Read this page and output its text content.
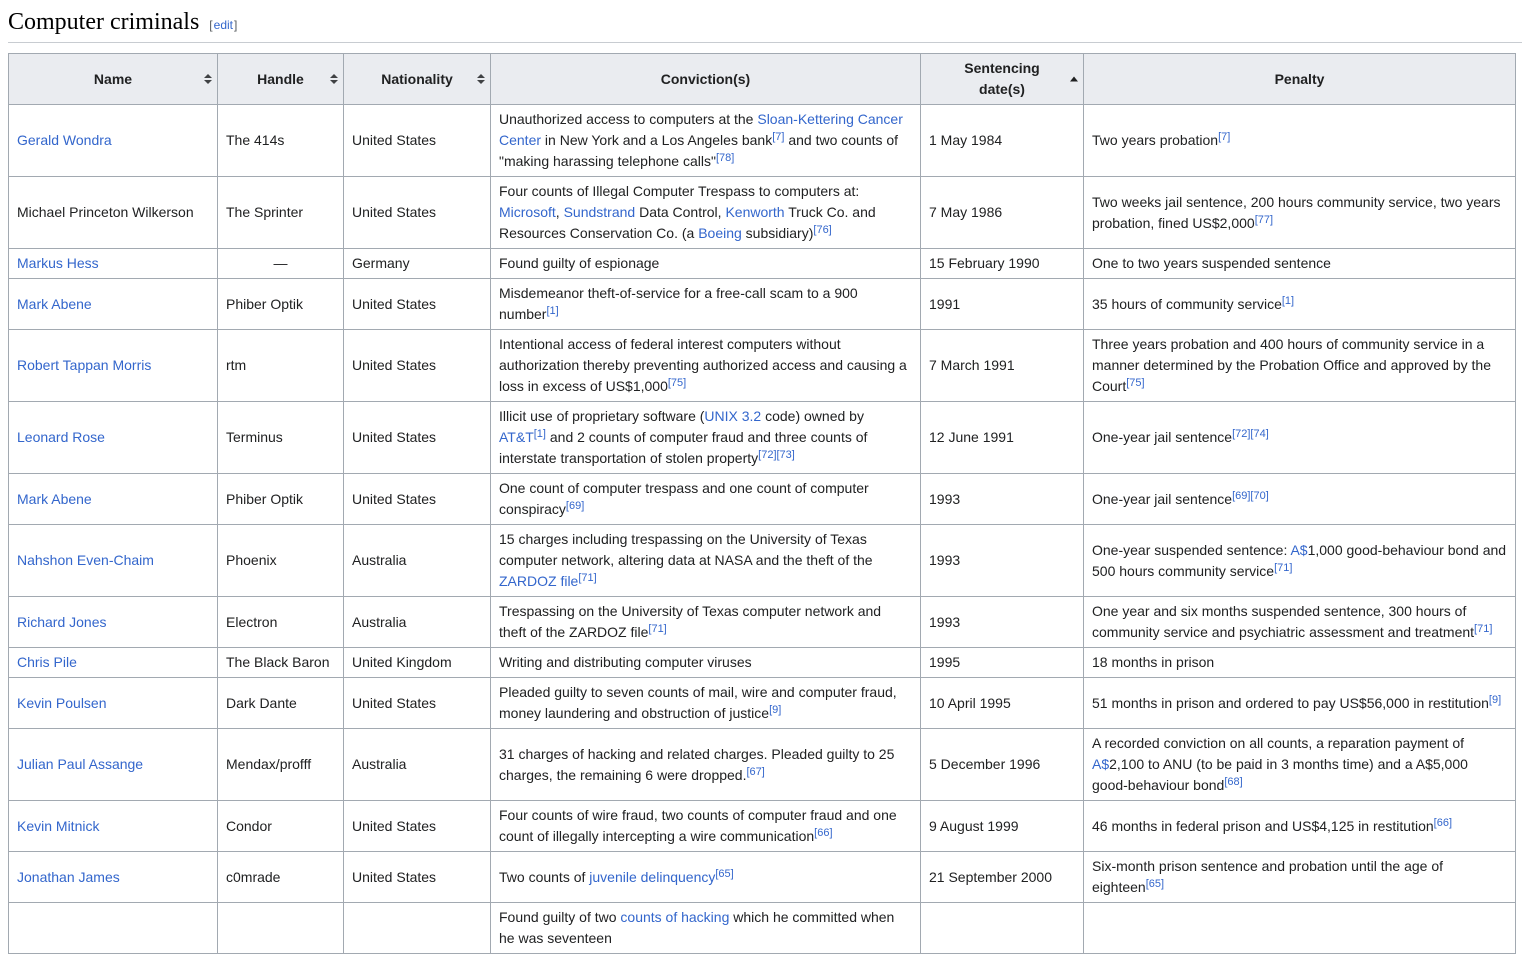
Computer criminals [edit]
Name	Handle	Nationality	Conviction(s)	Sentencing date(s)	Penalty
Gerald Wondra	The 414s	United States	Unauthorized access to computers at the Sloan-Kettering Cancer Center in New York and a Los Angeles bank[7] and two counts of "making harassing telephone calls"[78]	1 May 1984	Two years probation[7]
Michael Princeton Wilkerson	The Sprinter	United States	Four counts of Illegal Computer Trespass to computers at: Microsoft, Sundstrand Data Control, Kenworth Truck Co. and Resources Conservation Co. (a Boeing subsidiary)[76]	7 May 1986	Two weeks jail sentence, 200 hours community service, two years probation, fined US$2,000[77]
Markus Hess	—	Germany	Found guilty of espionage	15 February 1990	One to two years suspended sentence
Mark Abene	Phiber Optik	United States	Misdemeanor theft-of-service for a free-call scam to a 900 number[1]	1991	35 hours of community service[1]
Robert Tappan Morris	rtm	United States	Intentional access of federal interest computers without authorization thereby preventing authorized access and causing a loss in excess of US$1,000[75]	7 March 1991	Three years probation and 400 hours of community service in a manner determined by the Probation Office and approved by the Court[75]
Leonard Rose	Terminus	United States	Illicit use of proprietary software (UNIX 3.2 code) owned by AT&T[1] and 2 counts of computer fraud and three counts of interstate transportation of stolen property[72][73]	12 June 1991	One-year jail sentence[72][74]
Mark Abene	Phiber Optik	United States	One count of computer trespass and one count of computer conspiracy[69]	1993	One-year jail sentence[69][70]
Nahshon Even-Chaim	Phoenix	Australia	15 charges including trespassing on the University of Texas computer network, altering data at NASA and the theft of the ZARDOZ file[71]	1993	One-year suspended sentence: A$1,000 good-behaviour bond and 500 hours community service[71]
Richard Jones	Electron	Australia	Trespassing on the University of Texas computer network and theft of the ZARDOZ file[71]	1993	One year and six months suspended sentence, 300 hours of community service and psychiatric assessment and treatment[71]
Chris Pile	The Black Baron	United Kingdom	Writing and distributing computer viruses	1995	18 months in prison
Kevin Poulsen	Dark Dante	United States	Pleaded guilty to seven counts of mail, wire and computer fraud, money laundering and obstruction of justice[9]	10 April 1995	51 months in prison and ordered to pay US$56,000 in restitution[9]
Julian Paul Assange	Mendax/profff	Australia	31 charges of hacking and related charges. Pleaded guilty to 25 charges, the remaining 6 were dropped.[67]	5 December 1996	A recorded conviction on all counts, a reparation payment of A$2,100 to ANU (to be paid in 3 months time) and a A$5,000 good-behaviour bond[68]
Kevin Mitnick	Condor	United States	Four counts of wire fraud, two counts of computer fraud and one count of illegally intercepting a wire communication[66]	9 August 1999	46 months in federal prison and US$4,125 in restitution[66]
Jonathan James	c0mrade	United States	Two counts of juvenile delinquency[65]	21 September 2000	Six-month prison sentence and probation until the age of eighteen[65]
			Found guilty of two counts of hacking which he committed when he was seventeen		
